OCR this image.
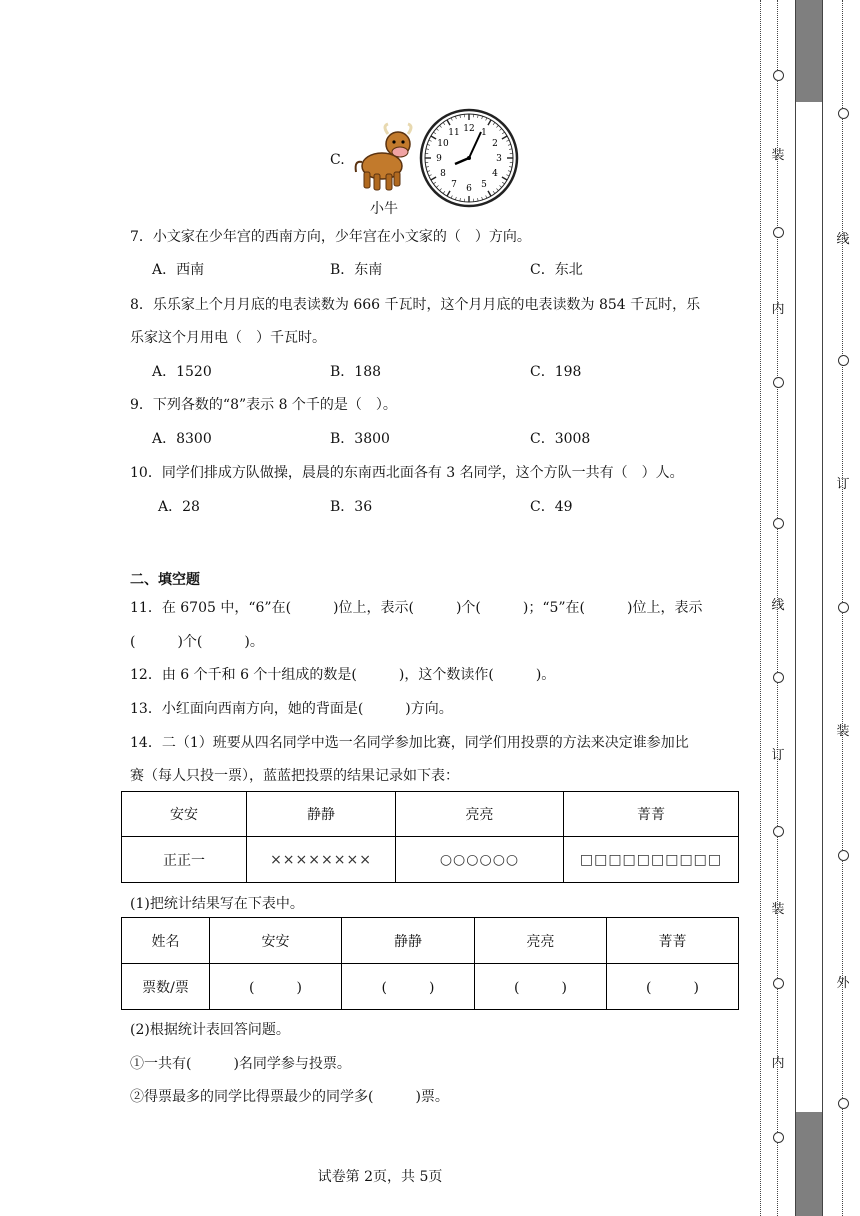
C.
小牛
12 1
2
3
4
5
6
7
8
9
10
11
7．小文家在少年宫的西南方向，少年宫在小文家的（　）方向。
A．西南	B．东南	C．东北
8．乐乐家上个月月底的电表读数为 666 千瓦时，这个月月底的电表读数为 854 千瓦时，乐
乐家这个月用电（　）千瓦时。
A．1520	B．188	C．198
9．下列各数的“8”表示 8 个千的是（　）。
A．8300	B．3800	C．3008
10．同学们排成方队做操，晨晨的东南西北面各有 3 名同学，这个方队一共有（　）人。
A．28	B．36	C．49
二、填空题
11．在 6705 中，“6”在(　　　)位上，表示(　　　)个(　　　)；“5”在(　　　)位上，表示
(　　　)个(　　　)。
12．由 6 个千和 6 个十组成的数是(　　　)，这个数读作(　　　)。
13．小红面向西南方向，她的背面是(　　　)方向。
14．二（1）班要从四名同学中选一名同学参加比赛，同学们用投票的方法来决定谁参加比
赛（每人只投一票），蓝蓝把投票的结果记录如下表：
安安	静静	亮亮	菁菁
正正一	××××××××	○○○○○○	□□□□□□□□□□
(1)把统计结果写在下表中。
姓名	安安	静静	亮亮	菁菁
票数/票	(　　　)	(　　　)	(　　　)	(　　　)
(2)根据统计表回答问题。
①一共有(　　　)名同学参与投票。
②得票最多的同学比得票最少的同学多(　　　)票。
试卷第 2页，共 5页
装
内
线
订
装
内
线
订
装
外
